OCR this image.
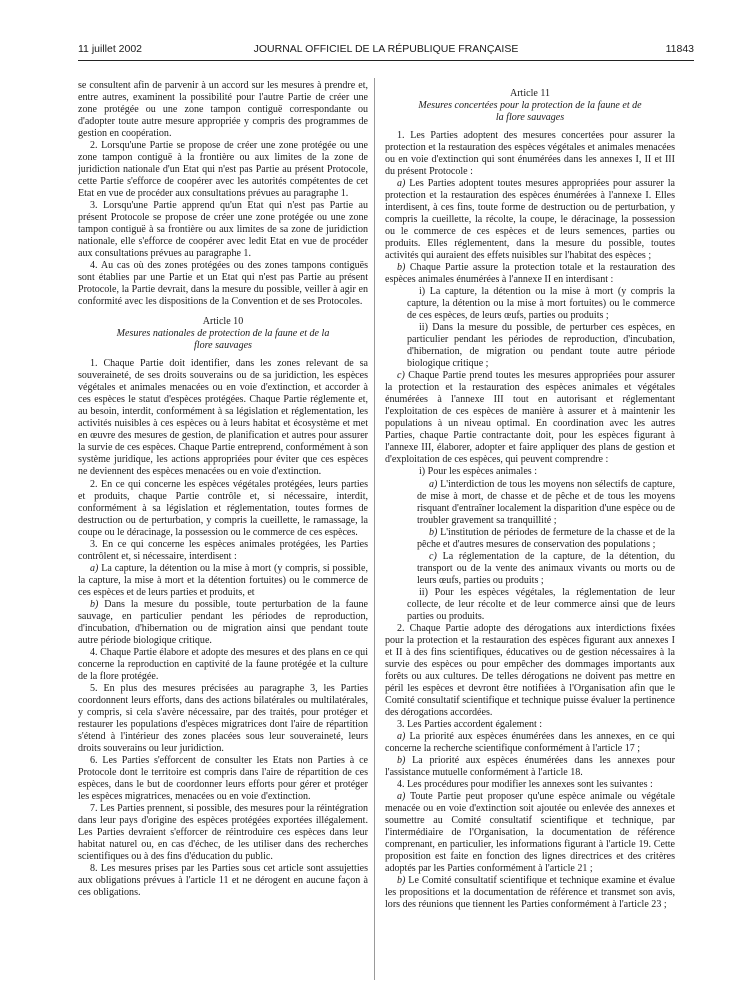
11 juillet 2002	JOURNAL OFFICIEL DE LA RÉPUBLIQUE FRANÇAISE	11843

se consultent afin de parvenir à un accord sur les mesures à prendre et, entre autres, examinent la possibilité pour l'autre Partie de créer une zone protégée ou une zone tampon contiguë correspondante ou d'adopter toute autre mesure appropriée y compris des programmes de gestion en coopération.

2. Lorsqu'une Partie se propose de créer une zone protégée ou une zone tampon contiguë à la frontière ou aux limites de la zone de juridiction nationale d'un Etat qui n'est pas Partie au présent Protocole, cette Partie s'efforce de coopérer avec les autorités compétentes de cet Etat en vue de procéder aux consultations prévues au paragraphe 1.

3. Lorsqu'une Partie apprend qu'un Etat qui n'est pas Partie au présent Protocole se propose de créer une zone protégée ou une zone tampon contiguë à sa frontière ou aux limites de sa zone de juridiction nationale, elle s'efforce de coopérer avec ledit Etat en vue de procéder aux consultations prévues au paragraphe 1.

4. Au cas où des zones protégées ou des zones tampons contiguës sont établies par une Partie et un Etat qui n'est pas Partie au présent Protocole, la Partie devrait, dans la mesure du possible, veiller à agir en conformité avec les dispositions de la Convention et de ses Protocoles.

Article 10

Mesures nationales de protection de la faune et de la flore sauvages

1. Chaque Partie doit identifier, dans les zones relevant de sa souveraineté, de ses droits souverains ou de sa juridiction, les espèces végétales et animales menacées ou en voie d'extinction, et accorder à ces espèces le statut d'espèces protégées. Chaque Partie réglemente et, au besoin, interdit, conformément à sa législation et réglementation, les activités nuisibles à ces espèces ou à leurs habitat et écosystème et met en œuvre des mesures de gestion, de planification et autres pour assurer la survie de ces espèces. Chaque Partie entreprend, conformément à son système juridique, les actions appropriées pour éviter que ces espèces ne deviennent des espèces menacées ou en voie d'extinction.

2. En ce qui concerne les espèces végétales protégées, leurs parties et produits, chaque Partie contrôle et, si nécessaire, interdit, conformément à sa législation et réglementation, toutes formes de destruction ou de perturbation, y compris la cueillette, le ramassage, la coupe ou le déracinage, la possession ou le commerce de ces espèces.

3. En ce qui concerne les espèces animales protégées, les Parties contrôlent et, si nécessaire, interdisent :

a) La capture, la détention ou la mise à mort (y compris, si possible, la capture, la mise à mort et la détention fortuites) ou le commerce de ces espèces et de leurs parties et produits, et

b) Dans la mesure du possible, toute perturbation de la faune sauvage, en particulier pendant les périodes de reproduction, d'incubation, d'hibernation ou de migration ainsi que pendant toute autre période biologique critique.

4. Chaque Partie élabore et adopte des mesures et des plans en ce qui concerne la reproduction en captivité de la faune protégée et la culture de la flore protégée.

5. En plus des mesures précisées au paragraphe 3, les Parties coordonnent leurs efforts, dans des actions bilatérales ou multilatérales, y compris, si cela s'avère nécessaire, par des traités, pour protéger et restaurer les populations d'espèces migratrices dont l'aire de répartition s'étend à l'intérieur des zones placées sous leur souveraineté, leurs droits souverains ou leur juridiction.

6. Les Parties s'efforcent de consulter les Etats non Parties à ce Protocole dont le territoire est compris dans l'aire de répartition de ces espèces, dans le but de coordonner leurs efforts pour gérer et protéger les espèces migratrices, menacées ou en voie d'extinction.

7. Les Parties prennent, si possible, des mesures pour la réintégration dans leur pays d'origine des espèces protégées exportées illégalement. Les Parties devraient s'efforcer de réintroduire ces espèces dans leur habitat naturel ou, en cas d'échec, de les utiliser dans des recherches scientifiques ou à des fins d'éducation du public.

8. Les mesures prises par les Parties sous cet article sont assujetties aux obligations prévues à l'article 11 et ne dérogent en aucune façon à ces obligations.

Article 11

Mesures concertées pour la protection de la faune et de la flore sauvages

1. Les Parties adoptent des mesures concertées pour assurer la protection et la restauration des espèces végétales et animales menacées ou en voie d'extinction qui sont énumérées dans les annexes I, II et III du présent Protocole :

a) Les Parties adoptent toutes mesures appropriées pour assurer la protection et la restauration des espèces énumérées à l'annexe I. Elles interdisent, à ces fins, toute forme de destruction ou de perturbation, y compris la cueillette, la récolte, la coupe, le déracinage, la possession ou le commerce de ces espèces et de leurs semences, parties ou produits. Elles réglementent, dans la mesure du possible, toutes activités qui auraient des effets nuisibles sur l'habitat des espèces ;

b) Chaque Partie assure la protection totale et la restauration des espèces animales énumérées à l'annexe II en interdisant :

i) La capture, la détention ou la mise à mort (y compris la capture, la détention ou la mise à mort fortuites) ou le commerce de ces espèces, de leurs œufs, parties ou produits ;

ii) Dans la mesure du possible, de perturber ces espèces, en particulier pendant les périodes de reproduction, d'incubation, d'hibernation, de migration ou pendant toute autre période biologique critique ;

c) Chaque Partie prend toutes les mesures appropriées pour assurer la protection et la restauration des espèces animales et végétales énumérées à l'annexe III tout en autorisant et réglementant l'exploitation de ces espèces de manière à assurer et à maintenir les populations à un niveau optimal. En coordination avec les autres Parties, chaque Partie contractante doit, pour les espèces figurant à l'annexe III, élaborer, adopter et faire appliquer des plans de gestion et d'exploitation de ces espèces, qui peuvent comprendre :

i) Pour les espèces animales :

a) L'interdiction de tous les moyens non sélectifs de capture, de mise à mort, de chasse et de pêche et de tous les moyens risquant d'entraîner localement la disparition d'une espèce ou de troubler gravement sa tranquillité ;

b) L'institution de périodes de fermeture de la chasse et de la pêche et d'autres mesures de conservation des populations ;

c) La réglementation de la capture, de la détention, du transport ou de la vente des animaux vivants ou morts ou de leurs œufs, parties ou produits ;

ii) Pour les espèces végétales, la réglementation de leur collecte, de leur récolte et de leur commerce ainsi que de leurs parties ou produits.

2. Chaque Partie adopte des dérogations aux interdictions fixées pour la protection et la restauration des espèces figurant aux annexes I et II à des fins scientifiques, éducatives ou de gestion nécessaires à la survie des espèces ou pour empêcher des dommages importants aux forêts ou aux cultures. De telles dérogations ne doivent pas mettre en péril les espèces et devront être notifiées à l'Organisation afin que le Comité consultatif scientifique et technique puisse évaluer la pertinence des dérogations accordées.

3. Les Parties accordent également :

a) La priorité aux espèces énumérées dans les annexes, en ce qui concerne la recherche scientifique conformément à l'article 17 ;

b) La priorité aux espèces énumérées dans les annexes pour l'assistance mutuelle conformément à l'article 18.

4. Les procédures pour modifier les annexes sont les suivantes :

a) Toute Partie peut proposer qu'une espèce animale ou végétale menacée ou en voie d'extinction soit ajoutée ou enlevée des annexes et soumettre au Comité consultatif scientifique et technique, par l'intermédiaire de l'Organisation, la documentation de référence comprenant, en particulier, les informations figurant à l'article 19. Cette proposition est faite en fonction des lignes directrices et des critères adoptés par les Parties conformément à l'article 21 ;

b) Le Comité consultatif scientifique et technique examine et évalue les propositions et la documentation de référence et transmet son avis, lors des réunions que tiennent les Parties conformément à l'article 23 ;
